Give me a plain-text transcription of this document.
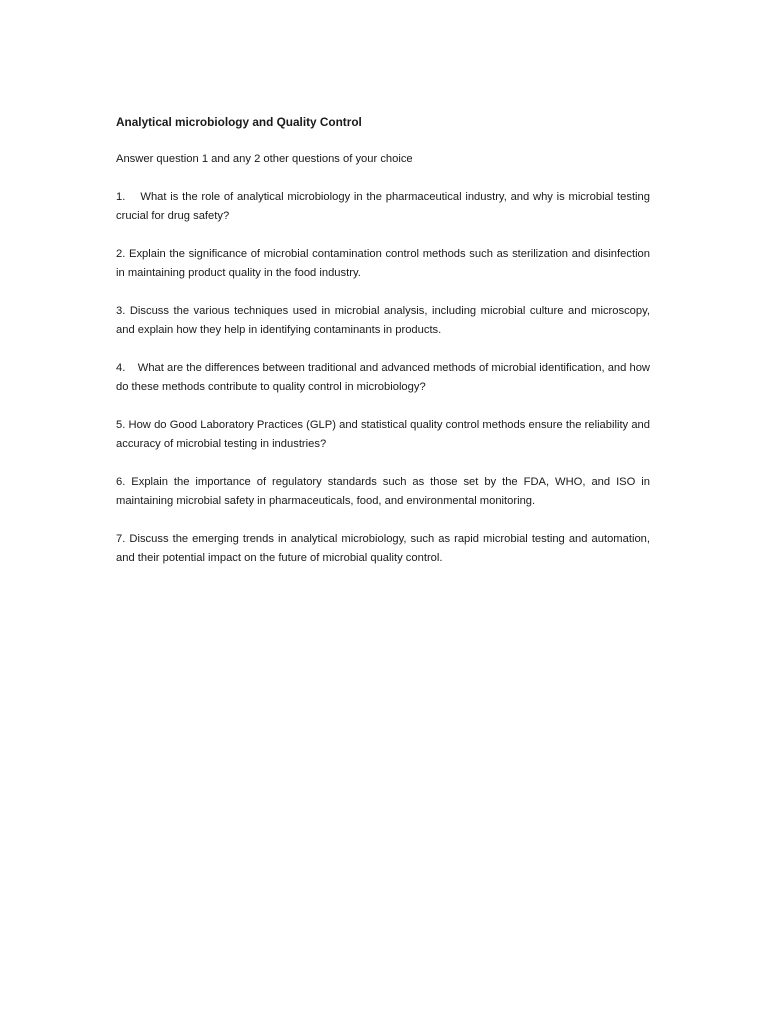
Analytical microbiology and Quality Control

Answer question 1 and any 2 other questions of your choice

1.    What is the role of analytical microbiology in the pharmaceutical industry, and why is microbial testing crucial for drug safety?

2. Explain the significance of microbial contamination control methods such as sterilization and disinfection in maintaining product quality in the food industry.

3. Discuss the various techniques used in microbial analysis, including microbial culture and microscopy, and explain how they help in identifying contaminants in products.

4.    What are the differences between traditional and advanced methods of microbial identification, and how do these methods contribute to quality control in microbiology?

5. How do Good Laboratory Practices (GLP) and statistical quality control methods ensure the reliability and accuracy of microbial testing in industries?

6. Explain the importance of regulatory standards such as those set by the FDA, WHO, and ISO in maintaining microbial safety in pharmaceuticals, food, and environmental monitoring.

7. Discuss the emerging trends in analytical microbiology, such as rapid microbial testing and automation, and their potential impact on the future of microbial quality control.
